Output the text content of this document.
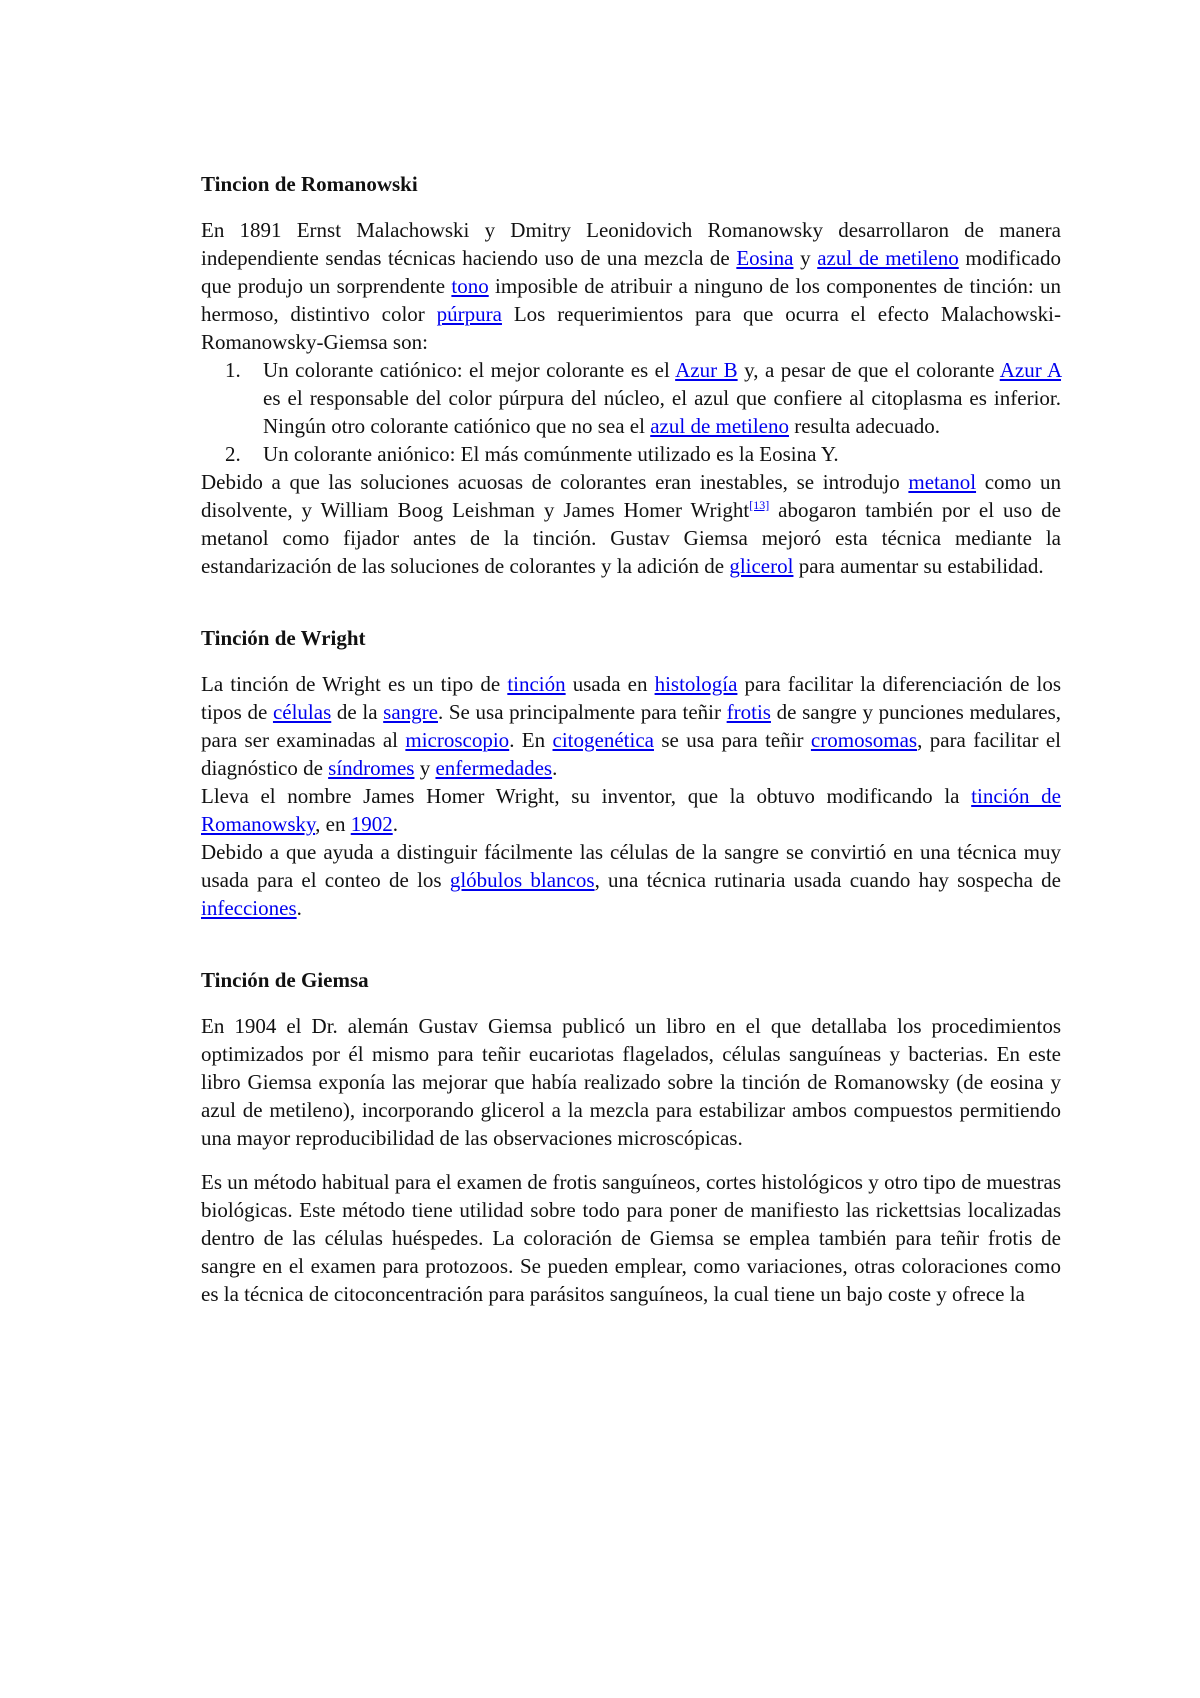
Tincion de Romanowski

En 1891 Ernst Malachowski y Dmitry Leonidovich Romanowsky desarrollaron de manera independiente sendas técnicas haciendo uso de una mezcla de Eosina y azul de metileno modificado que produjo un sorprendente tono imposible de atribuir a ninguno de los componentes de tinción: un hermoso, distintivo color púrpura Los requerimientos para que ocurra el efecto Malachowski-Romanowsky-Giemsa son:

1. Un colorante catiónico: el mejor colorante es el Azur B y, a pesar de que el colorante Azur A es el responsable del color púrpura del núcleo, el azul que confiere al citoplasma es inferior. Ningún otro colorante catiónico que no sea el azul de metileno resulta adecuado.
2. Un colorante aniónico: El más comúnmente utilizado es la Eosina Y.

Debido a que las soluciones acuosas de colorantes eran inestables, se introdujo metanol como un disolvente, y William Boog Leishman y James Homer Wright[13] abogaron también por el uso de metanol como fijador antes de la tinción. Gustav Giemsa mejoró esta técnica mediante la estandarización de las soluciones de colorantes y la adición de glicerol para aumentar su estabilidad.

Tinción de Wright

La tinción de Wright es un tipo de tinción usada en histología para facilitar la diferenciación de los tipos de células de la sangre. Se usa principalmente para teñir frotis de sangre y punciones medulares, para ser examinadas al microscopio. En citogenética se usa para teñir cromosomas, para facilitar el diagnóstico de síndromes y enfermedades.

Lleva el nombre James Homer Wright, su inventor, que la obtuvo modificando la tinción de Romanowsky, en 1902.

Debido a que ayuda a distinguir fácilmente las células de la sangre se convirtió en una técnica muy usada para el conteo de los glóbulos blancos, una técnica rutinaria usada cuando hay sospecha de infecciones.

Tinción de Giemsa

En 1904 el Dr. alemán Gustav Giemsa publicó un libro en el que detallaba los procedimientos optimizados por él mismo para teñir eucariotas flagelados, células sanguíneas y bacterias. En este libro Giemsa exponía las mejorar que había realizado sobre la tinción de Romanowsky (de eosina y azul de metileno), incorporando glicerol a la mezcla para estabilizar ambos compuestos permitiendo una mayor reproducibilidad de las observaciones microscópicas.

Es un método habitual para el examen de frotis sanguíneos, cortes histológicos y otro tipo de muestras biológicas. Este método tiene utilidad sobre todo para poner de manifiesto las rickettsias localizadas dentro de las células huéspedes. La coloración de Giemsa se emplea también para teñir frotis de sangre en el examen para protozoos. Se pueden emplear, como variaciones, otras coloraciones como es la técnica de citoconcentración para parásitos sanguíneos, la cual tiene un bajo coste y ofrece la
